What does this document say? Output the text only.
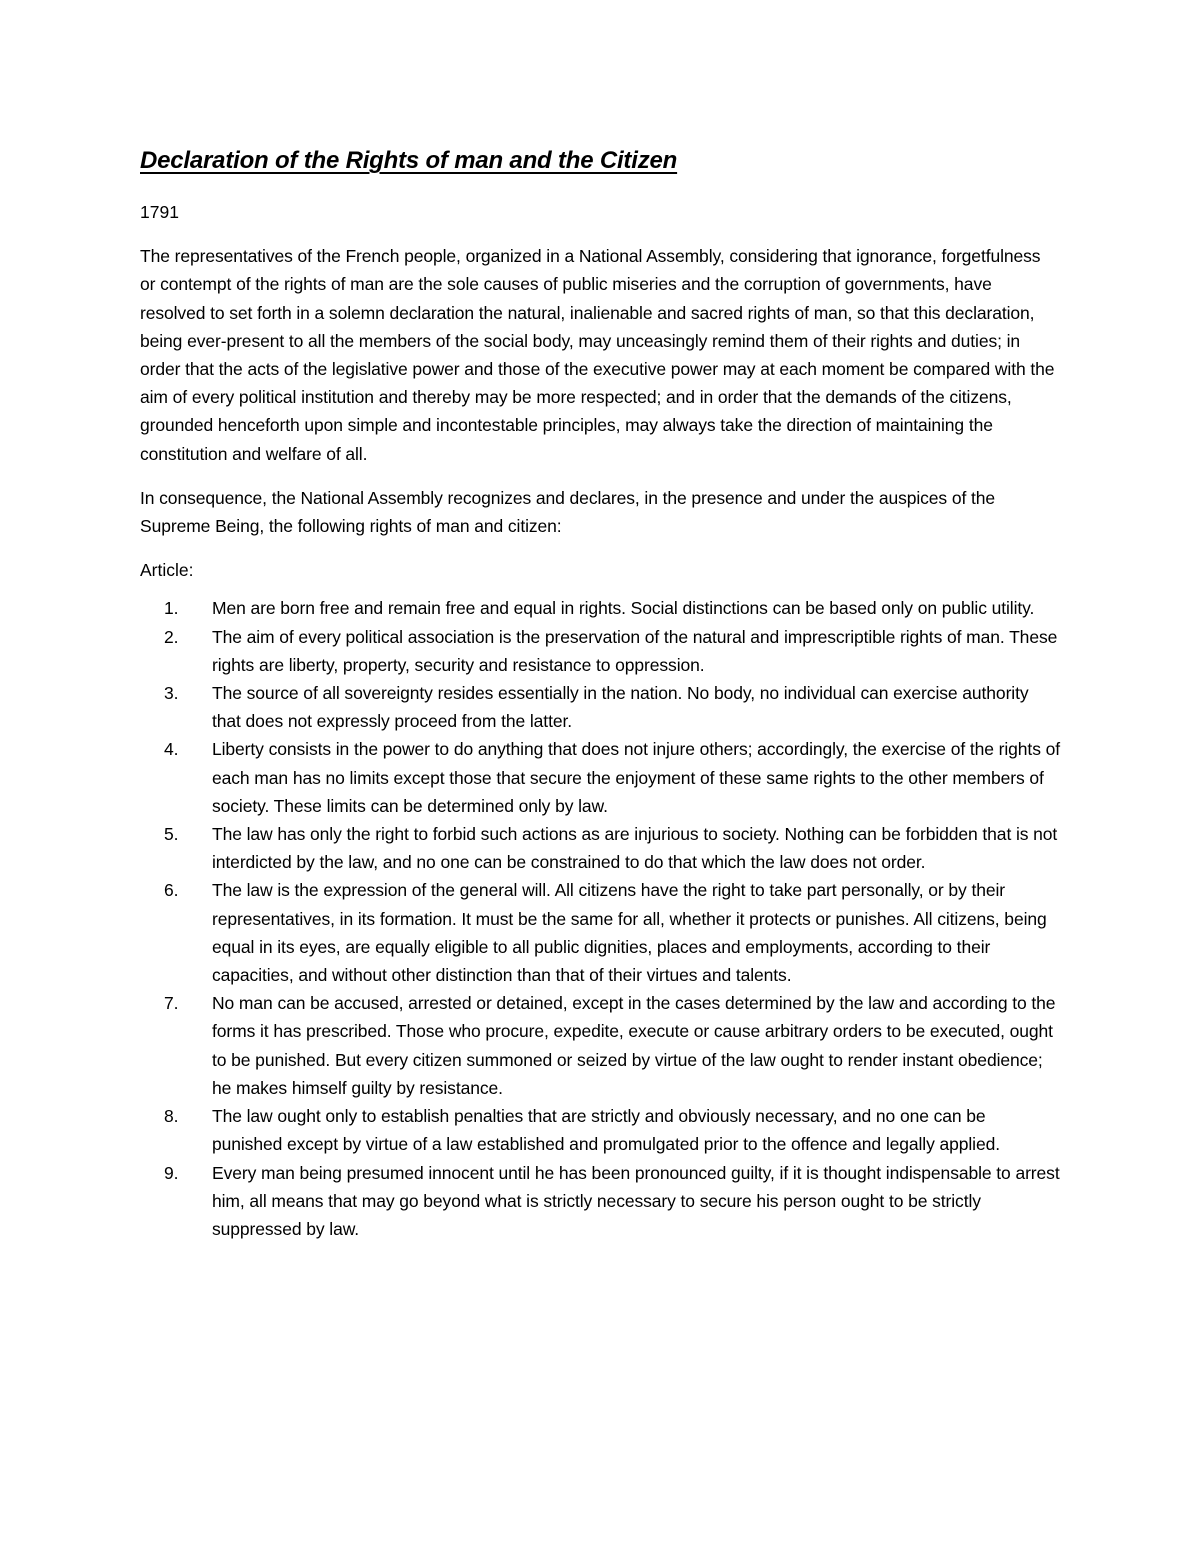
Declaration of the Rights of man and the Citizen

1791

The representatives of the French people, organized in a National Assembly, considering that ignorance, forgetfulness or contempt of the rights of man are the sole causes of public miseries and the corruption of governments, have resolved to set forth in a solemn declaration the natural, inalienable and sacred rights of man, so that this declaration, being ever-present to all the members of the social body, may unceasingly remind them of their rights and duties; in order that the acts of the legislative power and those of the executive power may at each moment be compared with the aim of every political institution and thereby may be more respected; and in order that the demands of the citizens, grounded henceforth upon simple and incontestable principles, may always take the direction of maintaining the constitution and welfare of all.

In consequence, the National Assembly recognizes and declares, in the presence and under the auspices of the Supreme Being, the following rights of man and citizen:

Article:

1. Men are born free and remain free and equal in rights. Social distinctions can be based only on public utility.
2. The aim of every political association is the preservation of the natural and imprescriptible rights of man. These rights are liberty, property, security and resistance to oppression.
3. The source of all sovereignty resides essentially in the nation. No body, no individual can exercise authority that does not expressly proceed from the latter.
4. Liberty consists in the power to do anything that does not injure others; accordingly, the exercise of the rights of each man has no limits except those that secure the enjoyment of these same rights to the other members of society. These limits can be determined only by law.
5. The law has only the right to forbid such actions as are injurious to society. Nothing can be forbidden that is not interdicted by the law, and no one can be constrained to do that which the law does not order.
6. The law is the expression of the general will. All citizens have the right to take part personally, or by their representatives, in its formation. It must be the same for all, whether it protects or punishes. All citizens, being equal in its eyes, are equally eligible to all public dignities, places and employments, according to their capacities, and without other distinction than that of their virtues and talents.
7. No man can be accused, arrested or detained, except in the cases determined by the law and according to the forms it has prescribed. Those who procure, expedite, execute or cause arbitrary orders to be executed, ought to be punished. But every citizen summoned or seized by virtue of the law ought to render instant obedience; he makes himself guilty by resistance.
8. The law ought only to establish penalties that are strictly and obviously necessary, and no one can be punished except by virtue of a law established and promulgated prior to the offence and legally applied.
9. Every man being presumed innocent until he has been pronounced guilty, if it is thought indispensable to arrest him, all means that may go beyond what is strictly necessary to secure his person ought to be strictly suppressed by law.
